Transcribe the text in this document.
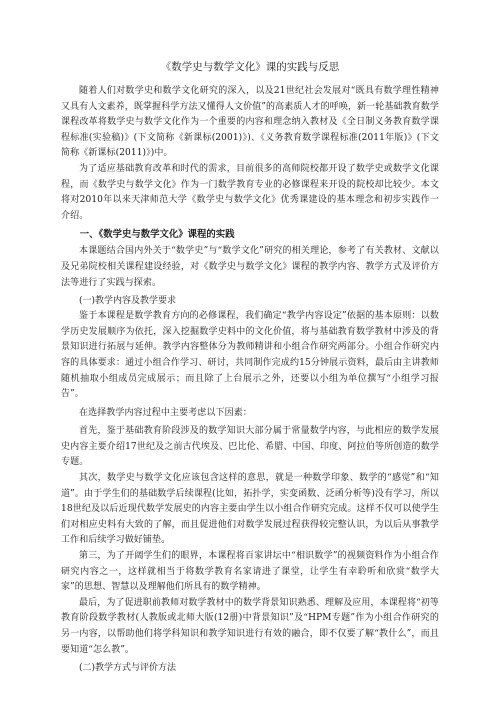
《数学史与数学文化》课的实践与反思

随着人们对数学史和数学文化研究的深入，以及21世纪社会发展对“既具有数学理性精神又具有人文素养，既掌握科学方法又懂得人文价值”的高素质人才的呼唤，新一轮基础教育数学课程改革将数学史与数学文化作为一个重要的内容和理念纳入教材及《全日制义务教育数学课程标准(实验稿)》(下文简称《新课标(2001)》)、《义务教育数学课程标准(2011年版)》(下文简称《新课标(2011)》)中。

为了适应基础教育改革和时代的需求，目前很多的高师院校都开设了数学史或数学文化课程，而《数学史与数学文化》作为一门数学教育专业的必修课程来开设的院校却比较少。本文将对2010年以来天津师范大学《数学史与数学文化》优秀课建设的基本理念和初步实践作一介绍。

一、《数学史与数学文化》课程的实践

本课题结合国内外关于“数学史”与“数学文化”研究的相关理论，参考了有关教材、文献以及兄弟院校相关课程建设经验，对《数学史与数学文化》课程的教学内容、教学方式及评价方法等进行了实践与探索。

(一)教学内容及教学要求

鉴于本课程是数学教育方向的必修课程，我们确定“教学内容设定”依据的基本原则：以数学历史发展顺序为依托，深入挖掘数学史料中的文化价值，将与基础教育数学教材中涉及的背景知识进行拓展与延伸。教学内容整体分为教师精讲和小组合作研究两部分。小组合作研究内容的具体要求：通过小组合作学习、研讨，共同制作完成约15分钟展示资料，最后由主讲教师随机抽取小组成员完成展示；而且除了上台展示之外，还要以小组为单位撰写“小组学习报告”。

在选择教学内容过程中主要考虑以下因素：

首先，鉴于基础教育阶段涉及的数学知识大部分属于常量数学内容，与此相应的数学发展史内容主要介绍17世纪及之前古代埃及、巴比伦、希腊、中国、印度、阿拉伯等所创造的数学专题。

其次，数学史与数学文化应该包含这样的意思，就是一种数学印象、数学的“感觉”和“知道”。由于学生们的基础数学后续课程(比如，拓扑学，实变函数、泛函分析等)没有学习，所以18世纪及以后近现代数学发展史的内容主要由学生以小组合作研究完成。这样不仅可以使学生们对相应史料有大致的了解，而且促进他们对数学发展过程获得较完整认识，为以后从事教学工作和后续学习做好铺垫。

第三，为了开阔学生们的眼界，本课程将百家讲坛中“相识数学”的视频资料作为小组合作研究内容之一，这样就相当于将数学教育名家请进了课堂，让学生有幸聆听和欣赏“数学大家”的思想、智慧以及理解他们所具有的数学精神。

最后，为了促进职前教师对数学教材中的数学背景知识熟悉、理解及应用，本课程将“初等教育阶段数学教材(人教版或北师大版(12册)中背景知识”及“HPM专题”作为小组合作研究的另一内容，以帮助他们将学科知识和教学知识进行有效的融合，即不仅要了解“教什么”，而且要知道“怎么教”。

(二)教学方式与评价方法
